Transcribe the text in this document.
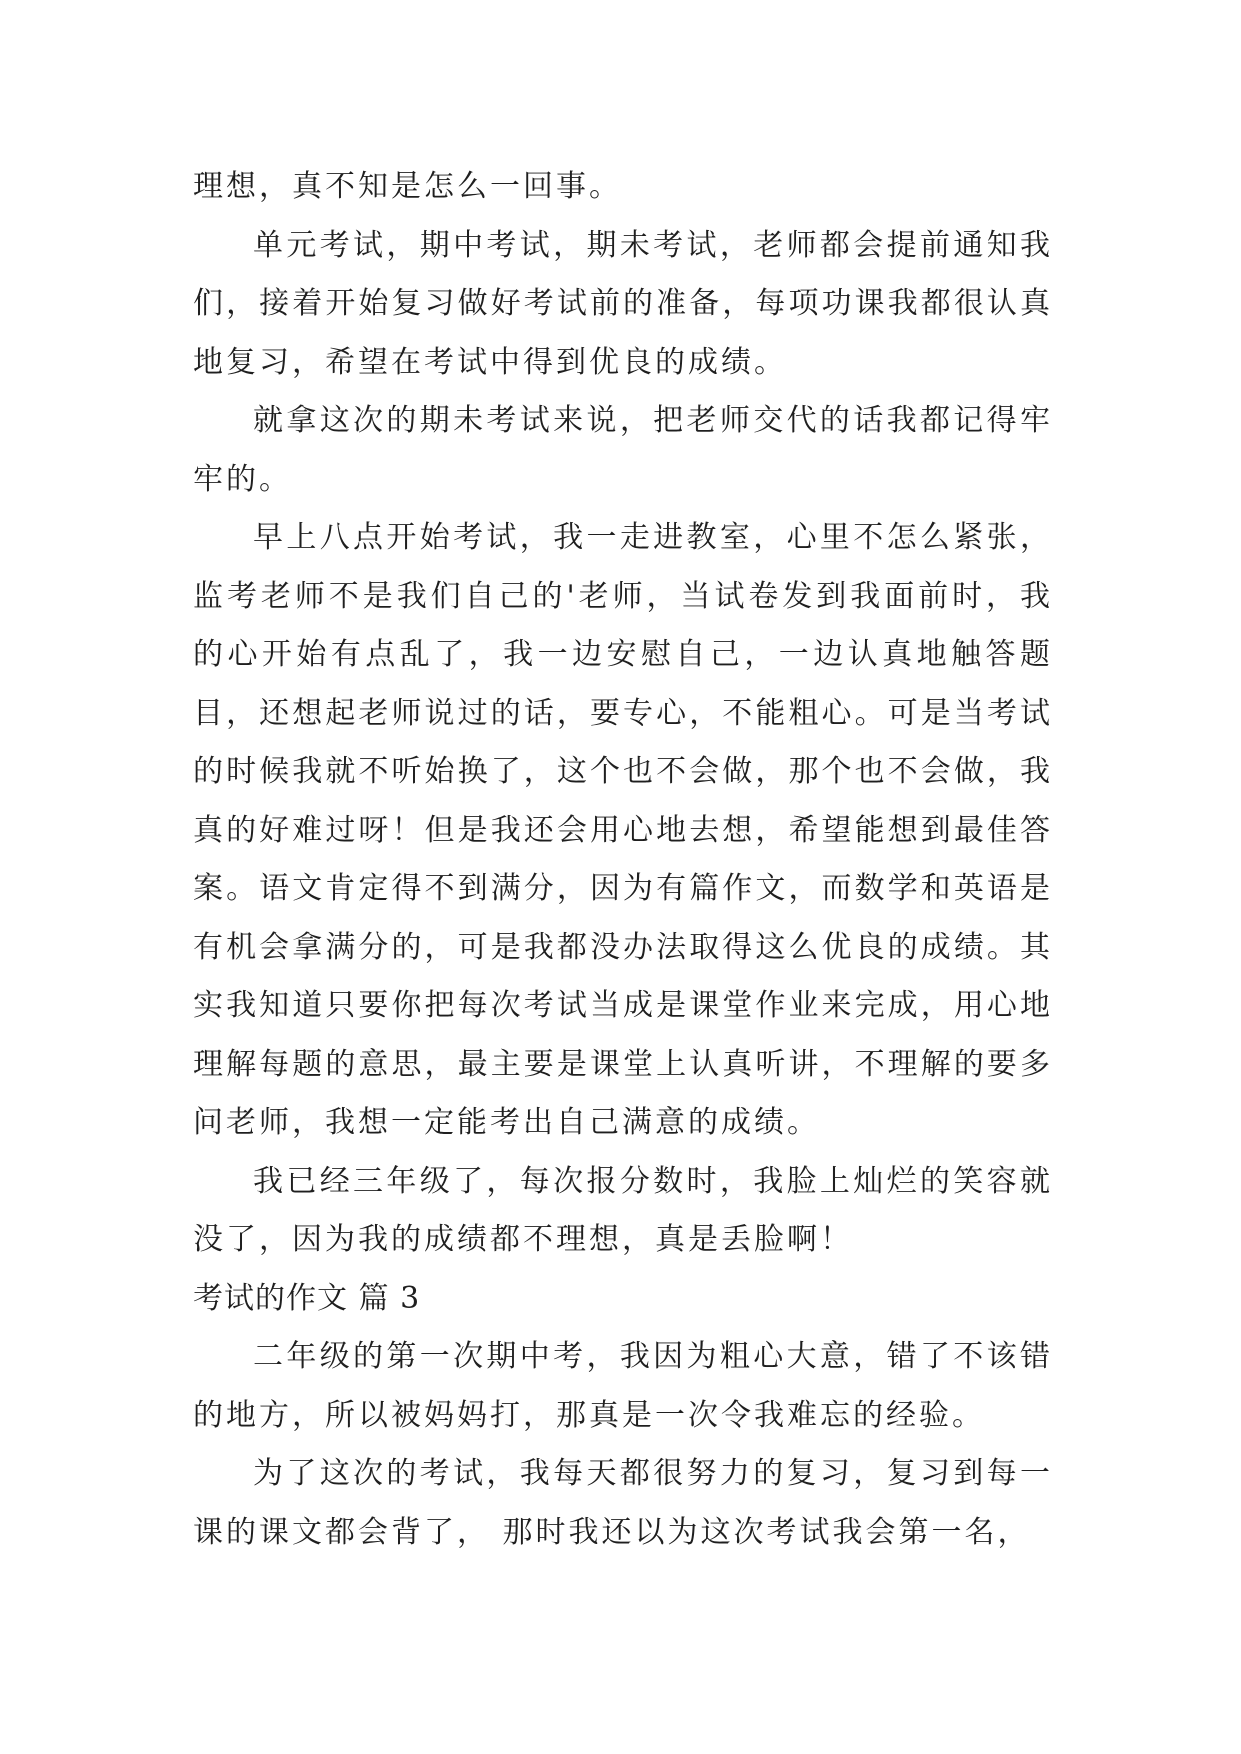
理想，真不知是怎么一回事。

单元考试，期中考试，期未考试，老师都会提前通知我们，接着开始复习做好考试前的准备，每项功课我都很认真地复习，希望在考试中得到优良的成绩。

就拿这次的期未考试来说，把老师交代的话我都记得牢牢的。

早上八点开始考试，我一走进教室，心里不怎么紧张，监考老师不是我们自己的'老师，当试卷发到我面前时，我的心开始有点乱了，我一边安慰自己，一边认真地触答题目，还想起老师说过的话，要专心，不能粗心。可是当考试的时候我就不听始换了，这个也不会做，那个也不会做，我真的好难过呀！但是我还会用心地去想，希望能想到最佳答案。语文肯定得不到满分，因为有篇作文，而数学和英语是有机会拿满分的，可是我都没办法取得这么优良的成绩。其实我知道只要你把每次考试当成是课堂作业来完成，用心地理解每题的意思，最主要是课堂上认真听讲，不理解的要多问老师，我想一定能考出自己满意的成绩。

我已经三年级了，每次报分数时，我脸上灿烂的笑容就没了，因为我的成绩都不理想，真是丢脸啊！

考试的作文 篇 3

二年级的第一次期中考，我因为粗心大意，错了不该错的地方，所以被妈妈打，那真是一次令我难忘的经验。

为了这次的考试，我每天都很努力的复习，复习到每一课的课文都会背了， 那时我还以为这次考试我会第一名，
